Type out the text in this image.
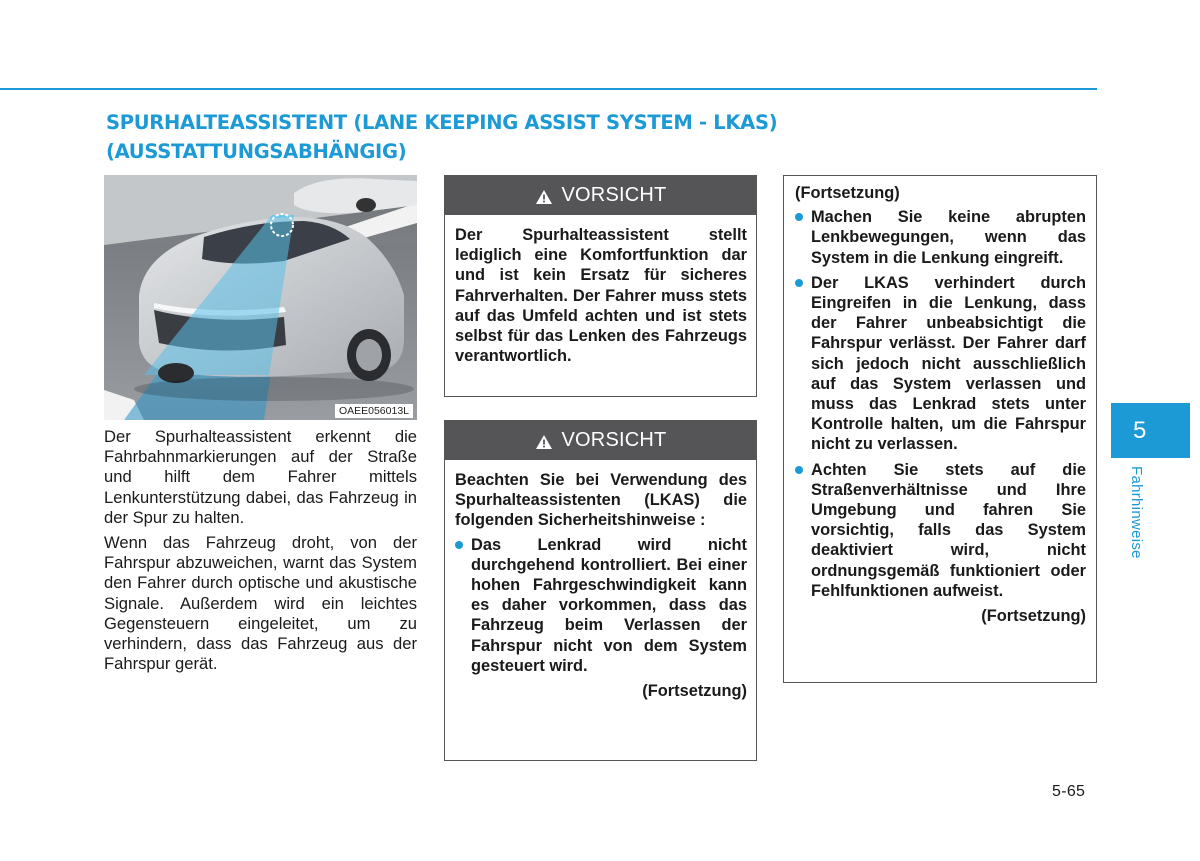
SPURHALTEASSISTENT (LANE KEEPING ASSIST SYSTEM - LKAS)
(AUSSTATTUNGSABHÄNGIG)
OAEE056013L

Der Spurhalteassistent erkennt die Fahrbahnmarkierungen auf der Straße und hilft dem Fahrer mittels Lenkunterstützung dabei, das Fahrzeug in der Spur zu halten.

Wenn das Fahrzeug droht, von der Fahrspur abzuweichen, warnt das System den Fahrer durch optische und akustische Signale. Außerdem wird ein leichtes Gegensteuern eingeleitet, um zu verhindern, dass das Fahrzeug aus der Fahrspur gerät.

VORSICHT

Der Spurhalteassistent stellt lediglich eine Komfortfunktion dar und ist kein Ersatz für sicheres Fahrverhalten. Der Fahrer muss stets auf das Umfeld achten und ist stets selbst für das Lenken des Fahrzeugs verantwortlich.

VORSICHT

Beachten Sie bei Verwendung des Spurhalteassistenten (LKAS) die folgenden Sicherheitshinweise :

Das Lenkrad wird nicht durchgehend kontrolliert. Bei einer hohen Fahrgeschwindigkeit kann es daher vorkommen, dass das Fahrzeug beim Verlassen der Fahrspur nicht von dem System gesteuert wird.
(Fortsetzung)

(Fortsetzung)

Machen Sie keine abrupten Lenkbewegungen, wenn das System in die Lenkung eingreift.
Der LKAS verhindert durch Eingreifen in die Lenkung, dass der Fahrer unbeabsichtigt die Fahrspur verlässt. Der Fahrer darf sich jedoch nicht ausschließlich auf das System verlassen und muss das Lenkrad stets unter Kontrolle halten, um die Fahrspur nicht zu verlassen.
Achten Sie stets auf die Straßenverhältnisse und Ihre Umgebung und fahren Sie vorsichtig, falls das System deaktiviert wird, nicht ordnungsgemäß funktioniert oder Fehlfunktionen aufweist.
(Fortsetzung)
5
Fahrhinweise
5-65
